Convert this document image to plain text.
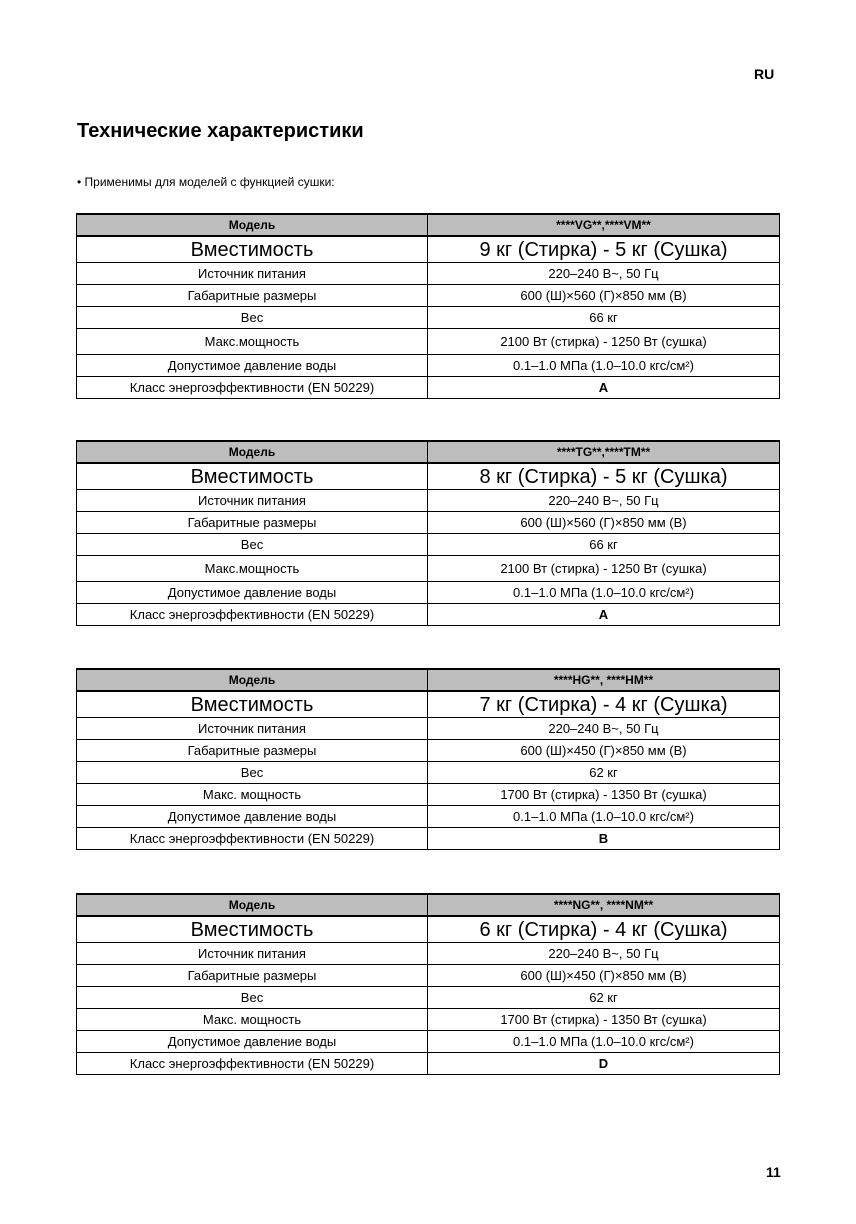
RU
Технические характеристики
• Применимы для моделей с функцией сушки:
Модель	****VG**,****VM**
Вместимость	9 кг (Стирка) - 5 кг (Сушка)
Источник питания	220–240 В~, 50 Гц
Габаритные размеры	600 (Ш)×560 (Г)×850 мм (В)
Вес	66 кг
Макс.мощность	2100 Вт (стирка) - 1250 Вт (сушка)
Допустимое давление воды	0.1–1.0 МПа (1.0–10.0 кгс/см²)
Класс энергоэффективности (EN 50229)	A
Модель	****TG**,****TM**
Вместимость	8 кг (Стирка) - 5 кг (Сушка)
Источник питания	220–240 В~, 50 Гц
Габаритные размеры	600 (Ш)×560 (Г)×850 мм (В)
Вес	66 кг
Макс.мощность	2100 Вт (стирка) - 1250 Вт (сушка)
Допустимое давление воды	0.1–1.0 МПа (1.0–10.0 кгс/см²)
Класс энергоэффективности (EN 50229)	A
Модель	****HG**, ****HM**
Вместимость	7 кг (Стирка) - 4 кг (Сушка)
Источник питания	220–240 В~, 50 Гц
Габаритные размеры	600 (Ш)×450 (Г)×850 мм (В)
Вес	62 кг
Макс. мощность	1700 Вт (стирка) - 1350 Вт (сушка)
Допустимое давление воды	0.1–1.0 МПа (1.0–10.0 кгс/см²)
Класс энергоэффективности (EN 50229)	B
Модель	****NG**, ****NM**
Вместимость	6 кг (Стирка) - 4 кг (Сушка)
Источник питания	220–240 В~, 50 Гц
Габаритные размеры	600 (Ш)×450 (Г)×850 мм (В)
Вес	62 кг
Макс. мощность	1700 Вт (стирка) - 1350 Вт (сушка)
Допустимое давление воды	0.1–1.0 МПа (1.0–10.0 кгс/см²)
Класс энергоэффективности (EN 50229)	D
11
